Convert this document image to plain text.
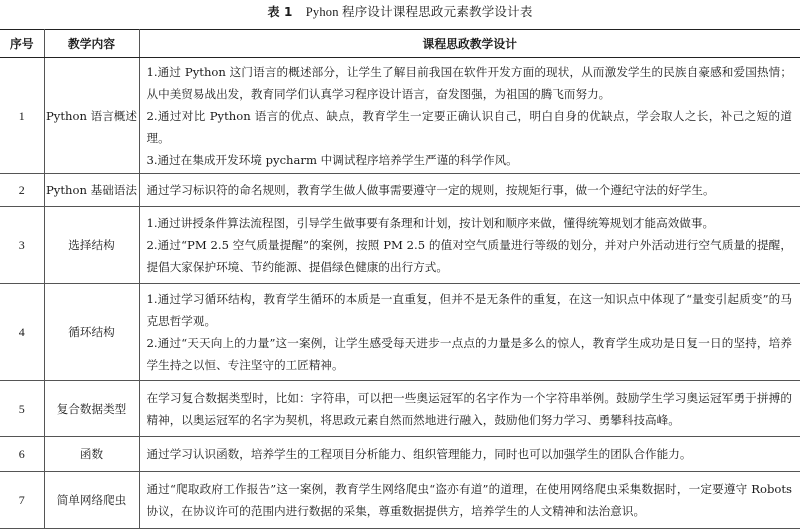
表 1 Pyhon 程序设计课程思政元素教学设计表
序号	教学内容	课程思政教学设计
1	Python 语言概述	1.通过 Python 这门语言的概述部分，让学生了解目前我国在软件开发方面的现状，从而激发学生的民族自豪感和爱国热情；从中美贸易战出发，教育同学们认真学习程序设计语言，奋发图强，为祖国的腾飞而努力。

2.通过对比 Python 语言的优点、缺点，教育学生一定要正确认识自己，明白自身的优缺点，学会取人之长，补己之短的道理。

3.通过在集成开发环境 pycharm 中调试程序培养学生严谨的科学作风。

2	Python 基础语法	通过学习标识符的命名规则，教育学生做人做事需要遵守一定的规则，按规矩行事，做一个遵纪守法的好学生。

3	选择结构	1.通过讲授条件算法流程图，引导学生做事要有条理和计划，按计划和顺序来做，懂得统筹规划才能高效做事。

2.通过“PM 2.5 空气质量提醒”的案例，按照 PM 2.5 的值对空气质量进行等级的划分，并对户外活动进行空气质量的提醒，提倡大家保护环境、节约能源、提倡绿色健康的出行方式。

4	循环结构	1.通过学习循环结构，教育学生循环的本质是一直重复，但并不是无条件的重复，在这一知识点中体现了“量变引起质变”的马克思哲学观。

2.通过“天天向上的力量”这一案例，让学生感受每天进步一点点的力量是多么的惊人，教育学生成功是日复一日的坚持，培养学生持之以恒、专注坚守的工匠精神。

5	复合数据类型	在学习复合数据类型时，比如：字符串，可以把一些奥运冠军的名字作为一个字符串举例。鼓励学生学习奥运冠军勇于拼搏的精神，以奥运冠军的名字为契机，将思政元素自然而然地进行融入，鼓励他们努力学习、勇攀科技高峰。

6	函数	通过学习认识函数，培养学生的工程项目分析能力、组织管理能力，同时也可以加强学生的团队合作能力。

7	简单网络爬虫	通过“爬取政府工作报告”这一案例，教育学生网络爬虫“盗亦有道”的道理，在使用网络爬虫采集数据时，一定要遵守 Robots 协议，在协议许可的范围内进行数据的采集，尊重数据提供方，培养学生的人文精神和法治意识。
